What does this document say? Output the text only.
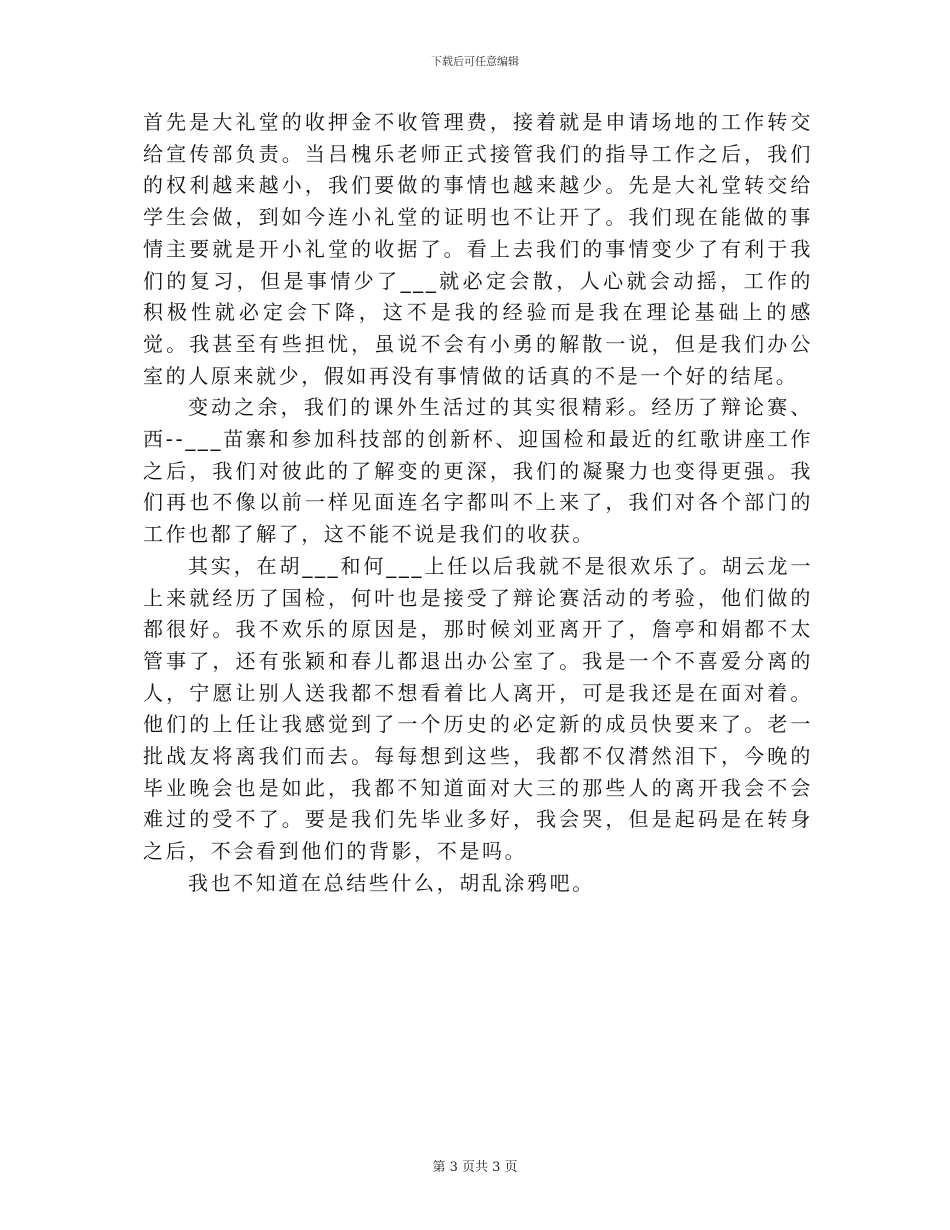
下载后可任意编辑

首先是大礼堂的收押金不收管理费，接着就是申请场地的工作转交给宣传部负责。当吕槐乐老师正式接管我们的指导工作之后，我们的权利越来越小，我们要做的事情也越来越少。先是大礼堂转交给学生会做，到如今连小礼堂的证明也不让开了。我们现在能做的事情主要就是开小礼堂的收据了。看上去我们的事情变少了有利于我们的复习，但是事情少了___就必定会散，人心就会动摇，工作的积极性就必定会下降，这不是我的经验而是我在理论基础上的感觉。我甚至有些担忧，虽说不会有小勇的解散一说，但是我们办公室的人原来就少，假如再没有事情做的话真的不是一个好的结尾。

变动之余，我们的课外生活过的其实很精彩。经历了辩论赛、西--___苗寨和参加科技部的创新杯、迎国检和最近的红歌讲座工作之后，我们对彼此的了解变的更深，我们的凝聚力也变得更强。我们再也不像以前一样见面连名字都叫不上来了，我们对各个部门的工作也都了解了，这不能不说是我们的收获。

其实，在胡___和何___上任以后我就不是很欢乐了。胡云龙一上来就经历了国检，何叶也是接受了辩论赛活动的考验，他们做的都很好。我不欢乐的原因是，那时候刘亚离开了，詹亭和娟都不太管事了，还有张颖和春儿都退出办公室了。我是一个不喜爱分离的人，宁愿让别人送我都不想看着比人离开，可是我还是在面对着。他们的上任让我感觉到了一个历史的必定新的成员快要来了。老一批战友将离我们而去。每每想到这些，我都不仅潸然泪下，今晚的毕业晚会也是如此，我都不知道面对大三的那些人的离开我会不会难过的受不了。要是我们先毕业多好，我会哭，但是起码是在转身之后，不会看到他们的背影，不是吗。

我也不知道在总结些什么，胡乱涂鸦吧。

第 3 页共 3 页
